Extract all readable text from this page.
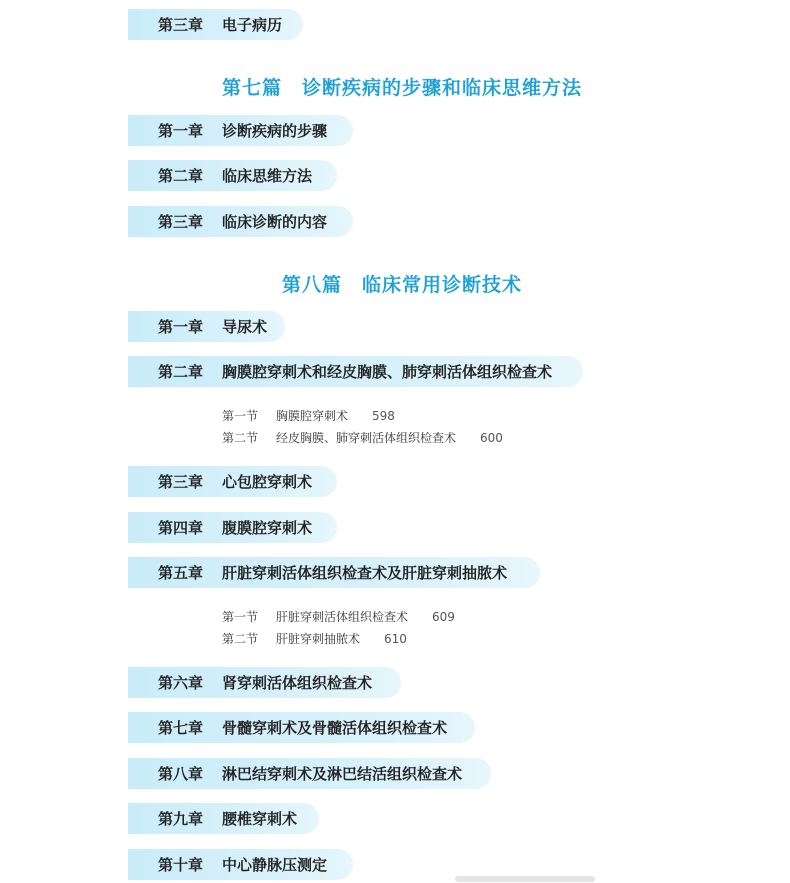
第三章	电子病历
第七篇　诊断疾病的步骤和临床思维方法
第一章	诊断疾病的步骤
第二章	临床思维方法
第三章	临床诊断的内容
第八篇　临床常用诊断技术
第一章	导尿术
第二章	胸膜腔穿刺术和经皮胸膜、肺穿刺活体组织检查术
第一节 胸膜腔穿刺术 598
第二节 经皮胸膜、肺穿刺活体组织检查术 600
第三章	心包腔穿刺术
第四章	腹膜腔穿刺术
第五章	肝脏穿刺活体组织检查术及肝脏穿刺抽脓术
第一节 肝脏穿刺活体组织检查术 609
第二节 肝脏穿刺抽脓术 610
第六章	肾穿刺活体组织检查术
第七章	骨髓穿刺术及骨髓活体组织检查术
第八章	淋巴结穿刺术及淋巴结活组织检查术
第九章	腰椎穿刺术
第十章	中心静脉压测定
